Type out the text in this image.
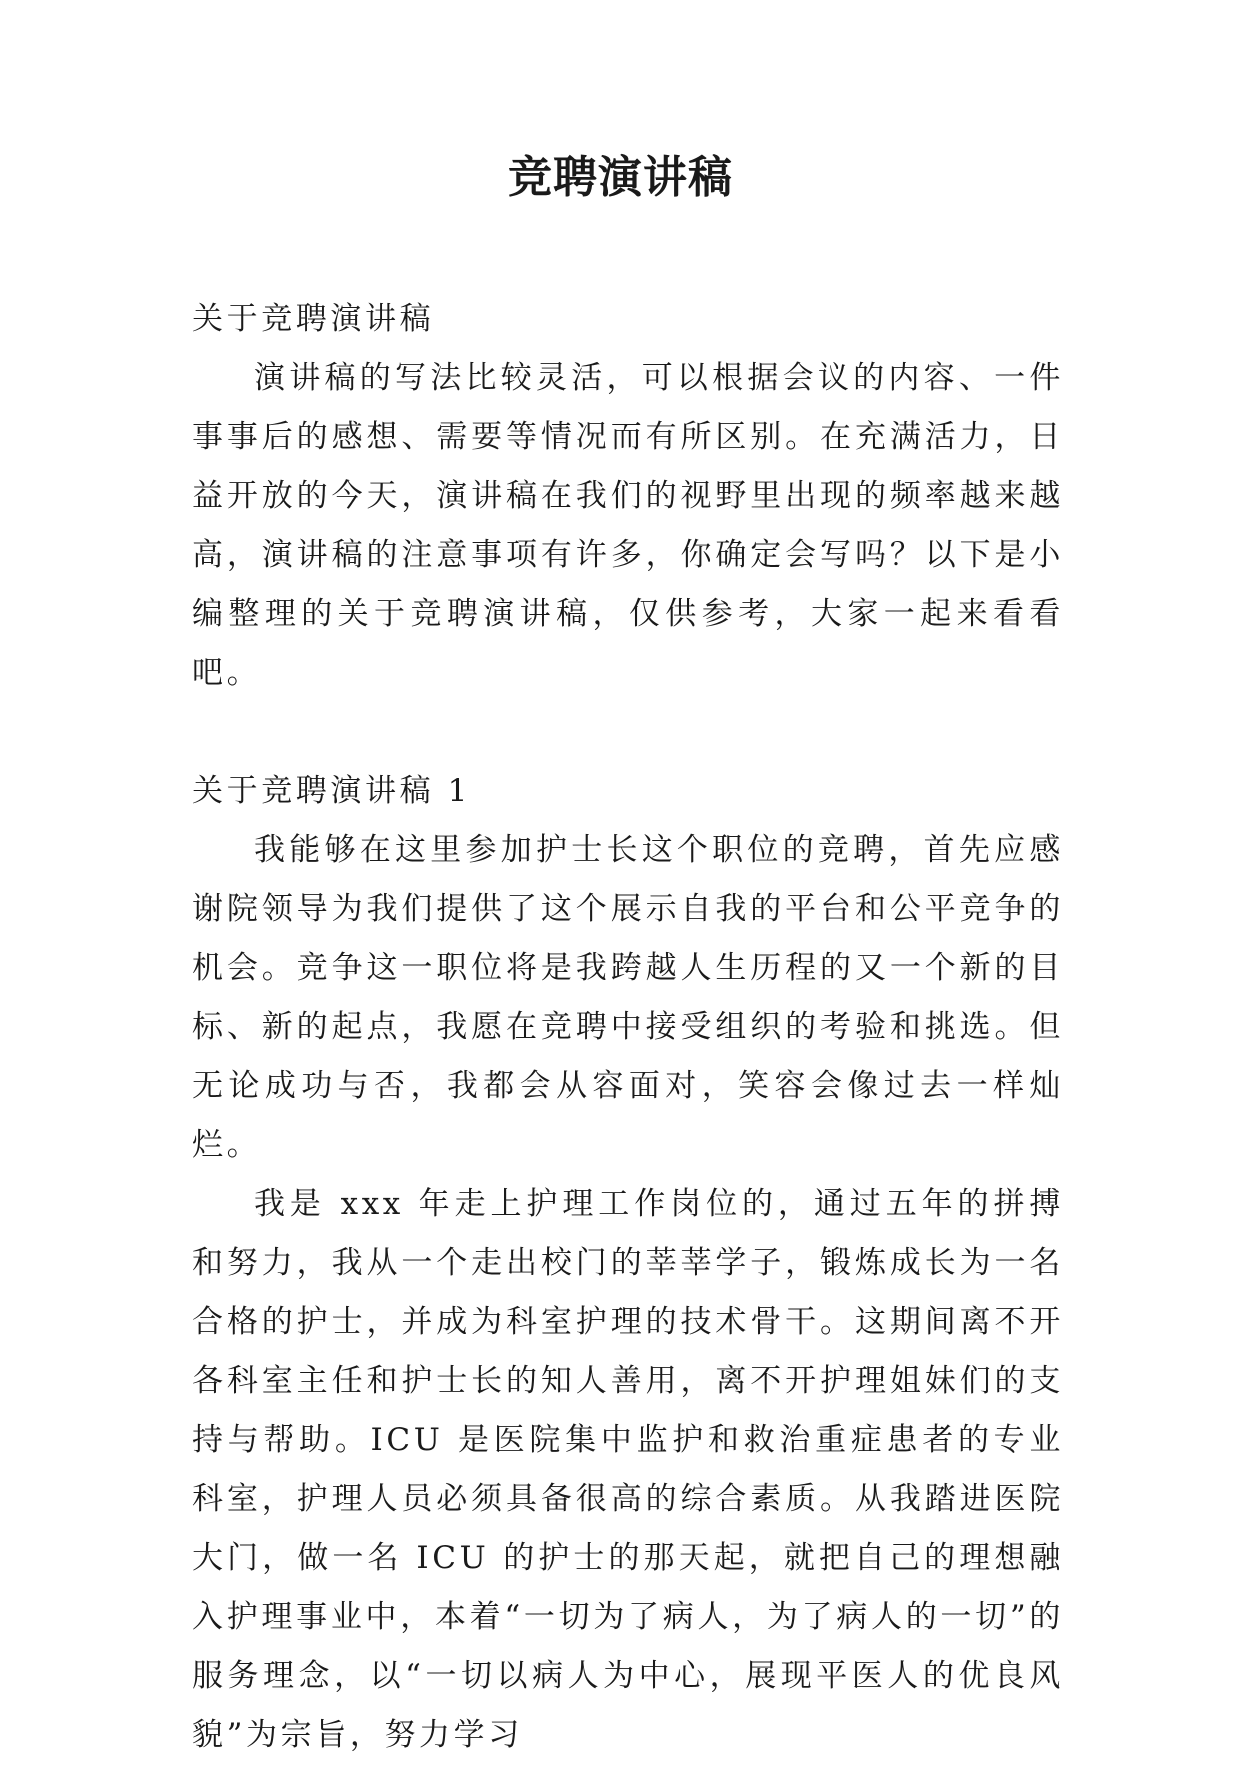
竞聘演讲稿
关于竞聘演讲稿

演讲稿的写法比较灵活，可以根据会议的内容、一件事事后的感想、需要等情况而有所区别。在充满活力，日益开放的今天，演讲稿在我们的视野里出现的频率越来越高，演讲稿的注意事项有许多，你确定会写吗？以下是小编整理的关于竞聘演讲稿，仅供参考，大家一起来看看吧。

关于竞聘演讲稿 1

我能够在这里参加护士长这个职位的竞聘，首先应感谢院领导为我们提供了这个展示自我的平台和公平竞争的机会。竞争这一职位将是我跨越人生历程的又一个新的目标、新的起点，我愿在竞聘中接受组织的考验和挑选。但无论成功与否，我都会从容面对，笑容会像过去一样灿烂。

我是 xxx 年走上护理工作岗位的，通过五年的拼搏和努力，我从一个走出校门的莘莘学子，锻炼成长为一名合格的护士，并成为科室护理的技术骨干。这期间离不开各科室主任和护士长的知人善用，离不开护理姐妹们的支持与帮助。ICU 是医院集中监护和救治重症患者的专业科室，护理人员必须具备很高的综合素质。从我踏进医院大门，做一名 ICU 的护士的那天起，就把自己的理想融入护理事业中，本着“一切为了病人，为了病人的一切”的服务理念，以“一切以病人为中心，展现平医人的优良风貌”为宗旨，努力学习
